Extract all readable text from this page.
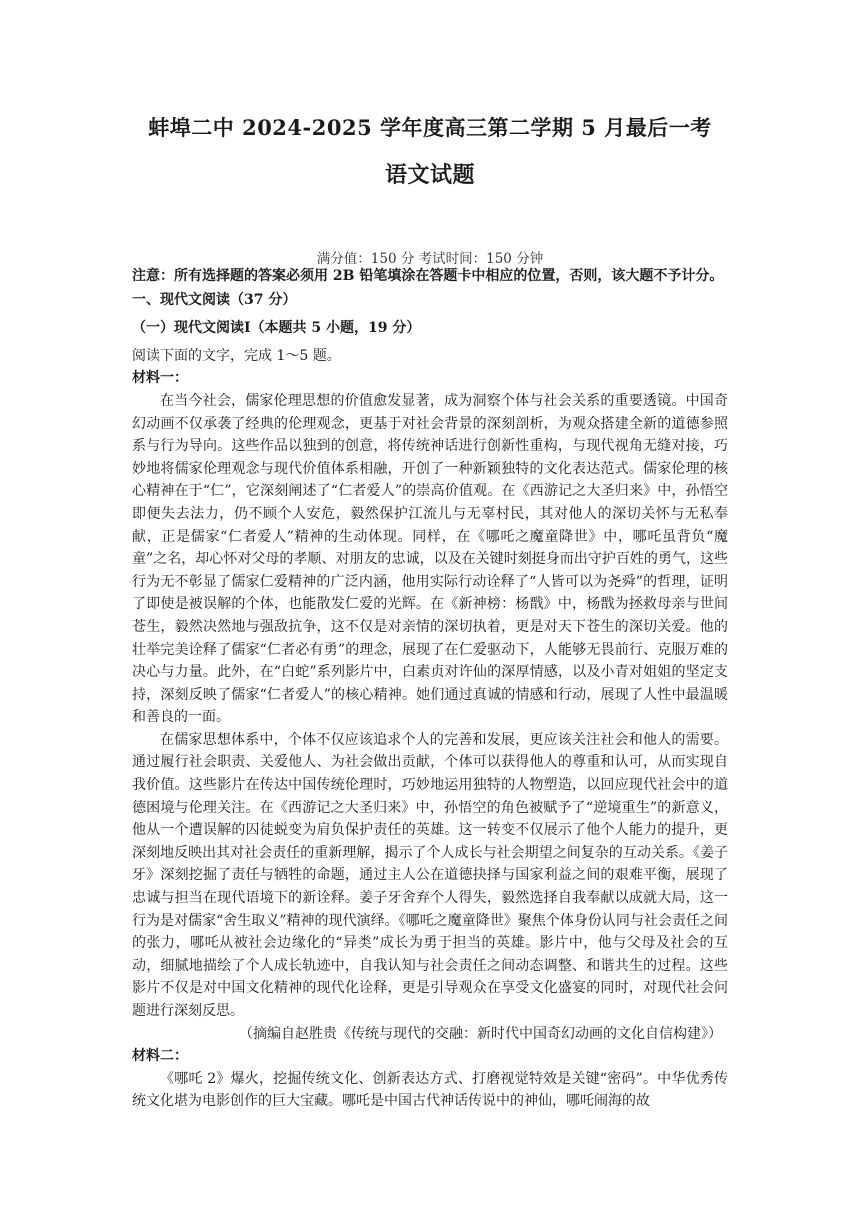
蚌埠二中 2024-2025 学年度高三第二学期 5 月最后一考
语文试题
满分值：150 分 考试时间：150 分钟

注意：所有选择题的答案必须用 2B 铅笔填涂在答题卡中相应的位置，否则，该大题不予计分。

一、现代文阅读（37 分）

（一）现代文阅读Ⅰ（本题共 5 小题，19 分）

阅读下面的文字，完成 1～5 题。

材料一：

在当今社会，儒家伦理思想的价值愈发显著，成为洞察个体与社会关系的重要透镜。中国奇幻动画不仅承袭了经典的伦理观念，更基于对社会背景的深刻剖析，为观众搭建全新的道德参照系与行为导向。这些作品以独到的创意，将传统神话进行创新性重构，与现代视角无缝对接，巧妙地将儒家伦理观念与现代价值体系相融，开创了一种新颖独特的文化表达范式。儒家伦理的核心精神在于“仁”，它深刻阐述了“仁者爱人”的崇高价值观。在《西游记之大圣归来》中，孙悟空即便失去法力，仍不顾个人安危，毅然保护江流儿与无辜村民，其对他人的深切关怀与无私奉献，正是儒家“仁者爱人”精神的生动体现。同样，在《哪吒之魔童降世》中，哪吒虽背负“魔童”之名，却心怀对父母的孝顺、对朋友的忠诚，以及在关键时刻挺身而出守护百姓的勇气，这些行为无不彰显了儒家仁爱精神的广泛内涵，他用实际行动诠释了“人皆可以为尧舜”的哲理，证明了即使是被误解的个体，也能散发仁爱的光辉。在《新神榜：杨戬》中，杨戬为拯救母亲与世间苍生，毅然决然地与强敌抗争，这不仅是对亲情的深切执着，更是对天下苍生的深切关爱。他的壮举完美诠释了儒家“仁者必有勇”的理念，展现了在仁爱驱动下，人能够无畏前行、克服万难的决心与力量。此外，在“白蛇”系列影片中，白素贞对许仙的深厚情感，以及小青对姐姐的坚定支持，深刻反映了儒家“仁者爱人”的核心精神。她们通过真诚的情感和行动，展现了人性中最温暖和善良的一面。

在儒家思想体系中，个体不仅应该追求个人的完善和发展，更应该关注社会和他人的需要。通过履行社会职责、关爱他人、为社会做出贡献，个体可以获得他人的尊重和认可，从而实现自我价值。这些影片在传达中国传统伦理时，巧妙地运用独特的人物塑造，以回应现代社会中的道德困境与伦理关注。在《西游记之大圣归来》中，孙悟空的角色被赋予了“逆境重生”的新意义，他从一个遭误解的囚徒蜕变为肩负保护责任的英雄。这一转变不仅展示了他个人能力的提升，更深刻地反映出其对社会责任的重新理解，揭示了个人成长与社会期望之间复杂的互动关系。《姜子牙》深刻挖掘了责任与牺牲的命题，通过主人公在道德抉择与国家利益之间的艰难平衡，展现了忠诚与担当在现代语境下的新诠释。姜子牙舍弃个人得失，毅然选择自我奉献以成就大局，这一行为是对儒家“舍生取义”精神的现代演绎。《哪吒之魔童降世》聚焦个体身份认同与社会责任之间的张力，哪吒从被社会边缘化的“异类”成长为勇于担当的英雄。影片中，他与父母及社会的互动，细腻地描绘了个人成长轨迹中，自我认知与社会责任之间动态调整、和谐共生的过程。这些影片不仅是对中国文化精神的现代化诠释，更是引导观众在享受文化盛宴的同时，对现代社会问题进行深刻反思。

（摘编自赵胜贵《传统与现代的交融：新时代中国奇幻动画的文化自信构建》）

材料二：

《哪吒 2》爆火，挖掘传统文化、创新表达方式、打磨视觉特效是关键“密码”。中华优秀传统文化堪为电影创作的巨大宝藏。哪吒是中国古代神话传说中的神仙，哪吒闹海的故
